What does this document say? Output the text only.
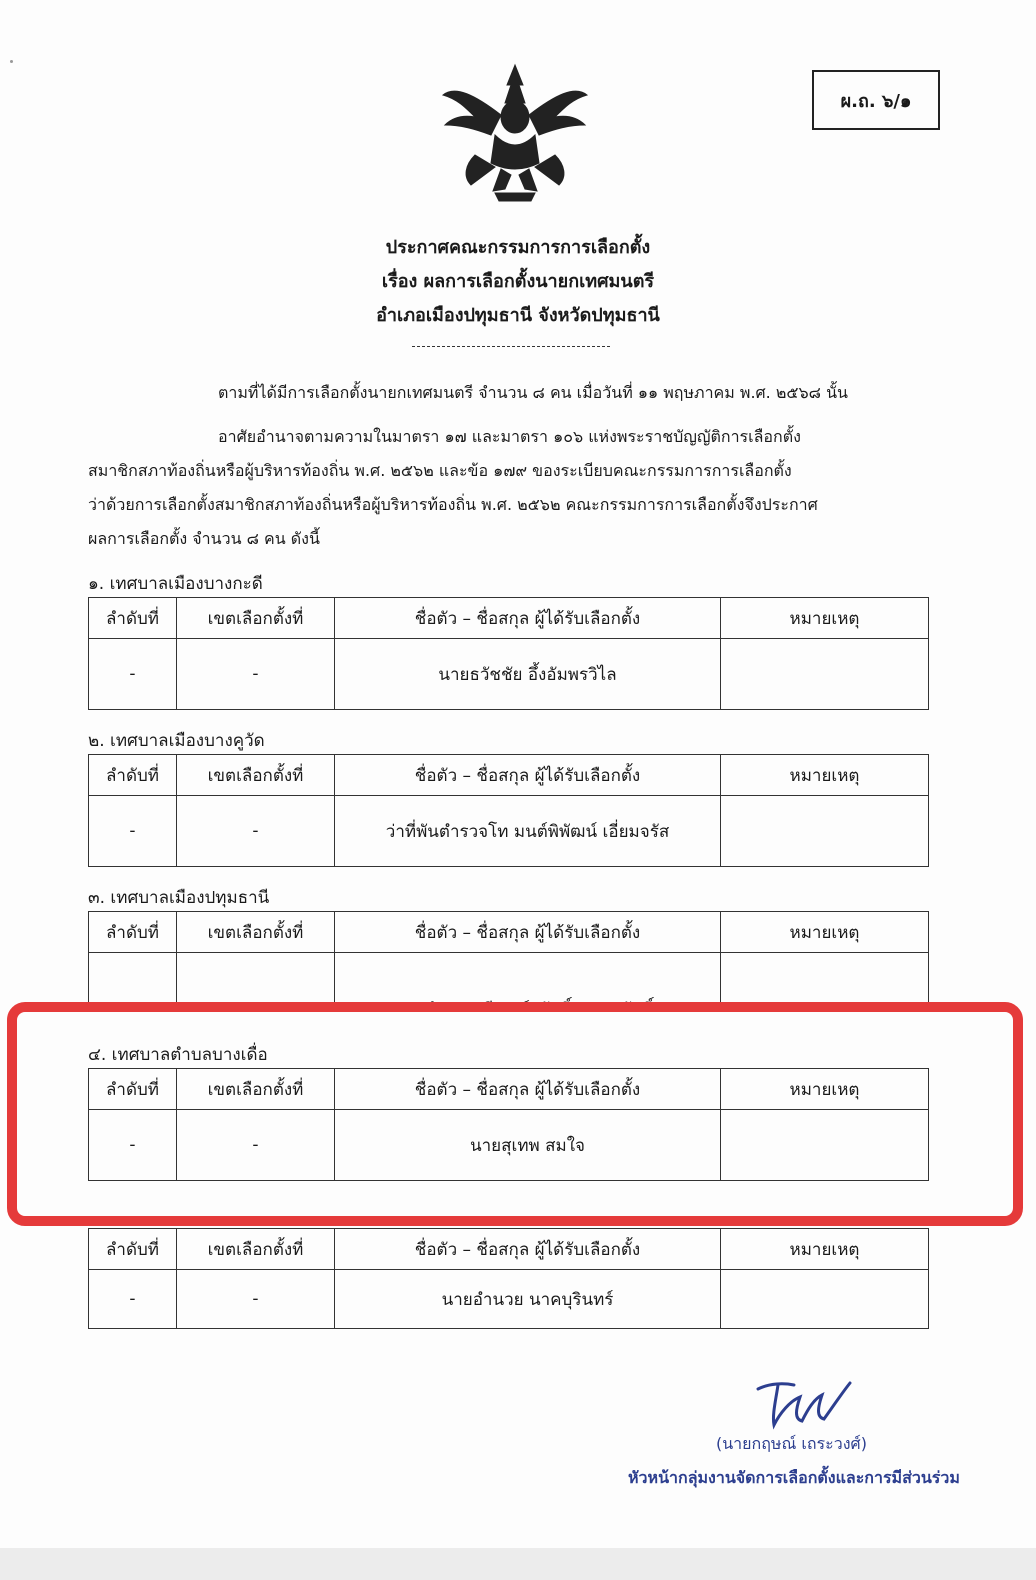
ผ.ถ. ๖/๑
ประกาศคณะกรรมการการเลือกตั้ง
เรื่อง ผลการเลือกตั้งนายกเทศมนตรี
อำเภอเมืองปทุมธานี จังหวัดปทุมธานี
ตามที่ได้มีการเลือกตั้งนายกเทศมนตรี จำนวน ๘ คน เมื่อวันที่ ๑๑ พฤษภาคม พ.ศ. ๒๕๖๘ นั้น
อาศัยอำนาจตามความในมาตรา ๑๗ และมาตรา ๑๐๖ แห่งพระราชบัญญัติการเลือกตั้ง
สมาชิกสภาท้องถิ่นหรือผู้บริหารท้องถิ่น พ.ศ. ๒๕๖๒ และข้อ ๑๗๙ ของระเบียบคณะกรรมการการเลือกตั้ง
ว่าด้วยการเลือกตั้งสมาชิกสภาท้องถิ่นหรือผู้บริหารท้องถิ่น พ.ศ. ๒๕๖๒ คณะกรรมการการเลือกตั้งจึงประกาศ
ผลการเลือกตั้ง จำนวน ๘ คน ดังนี้
๑. เทศบาลเมืองบางกะดี
ลำดับที่	เขตเลือกตั้งที่	ชื่อตัว – ชื่อสกุล ผู้ได้รับเลือกตั้ง	หมายเหตุ
-	-	นายธวัชชัย อึ้งอัมพรวิไล	
๒. เทศบาลเมืองบางคูวัด
ลำดับที่	เขตเลือกตั้งที่	ชื่อตัว – ชื่อสกุล ผู้ได้รับเลือกตั้ง	หมายเหตุ
-	-	ว่าที่พันตำรวจโท มนต์พิพัฒน์ เอี่ยมจรัส	
๓. เทศบาลเมืองปทุมธานี
ลำดับที่	เขตเลือกตั้งที่	ชื่อตัว – ชื่อสกุล ผู้ได้รับเลือกตั้ง	หมายเหตุ

๔. เทศบาลตำบลบางเดื่อ
ลำดับที่	เขตเลือกตั้งที่	ชื่อตัว – ชื่อสกุล ผู้ได้รับเลือกตั้ง	หมายเหตุ
-	-	นายสุเทพ สมใจ	
ลำดับที่	เขตเลือกตั้งที่	ชื่อตัว – ชื่อสกุล ผู้ได้รับเลือกตั้ง	หมายเหตุ
-	-	นายอำนวย นาคบุรินทร์	
(นายกฤษณ์ เถระวงศ์)
หัวหน้ากลุ่มงานจัดการเลือกตั้งและการมีส่วนร่วม
